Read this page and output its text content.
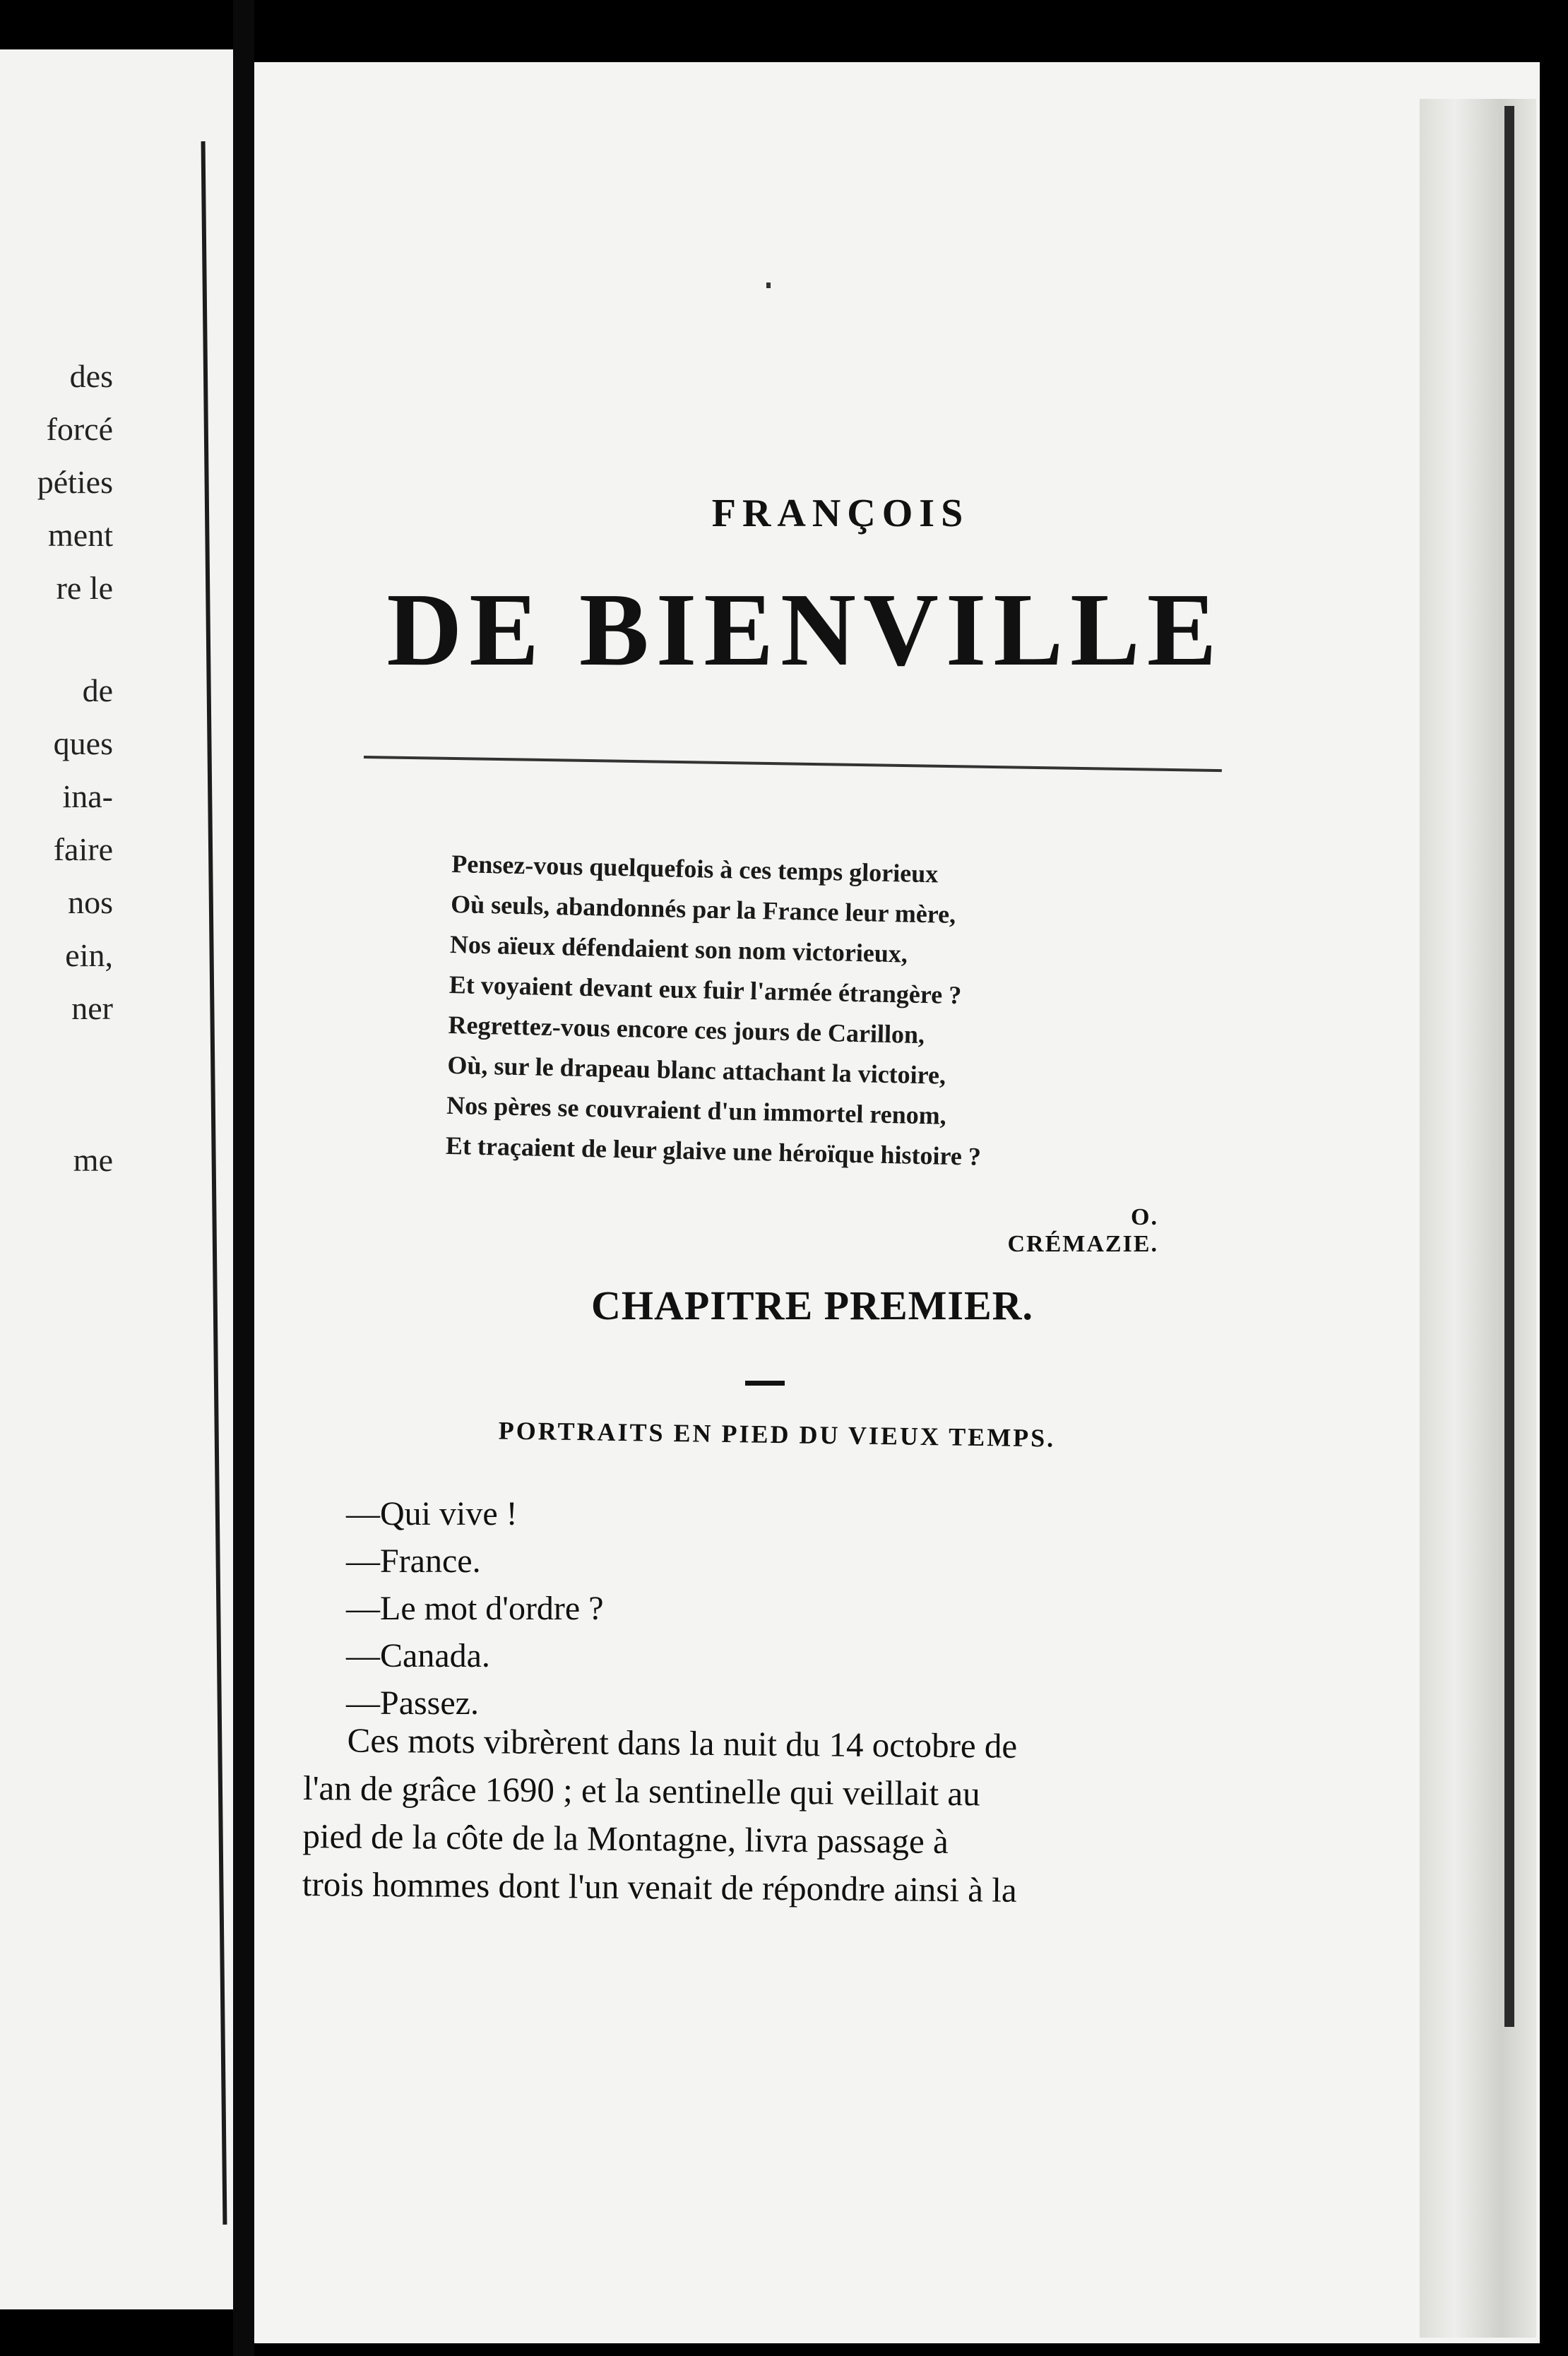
des
forcé
péties
ment
re le
de
ques
ina-
faire
nos
ein,
ner
me
FRANÇOIS
DE BIENVILLE
Pensez-vous quelquefois à ces temps glorieux
Où seuls, abandonnés par la France leur mère,
Nos aïeux défendaient son nom victorieux,
Et voyaient devant eux fuir l'armée étrangère ?
Regrettez-vous encore ces jours de Carillon,
Où, sur le drapeau blanc attachant la victoire,
Nos pères se couvraient d'un immortel renom,
Et traçaient de leur glaive une héroïque histoire ?
O. CRÉMAZIE.
CHAPITRE PREMIER.
PORTRAITS EN PIED DU VIEUX TEMPS.
—Qui vive !
—France.
—Le mot d'ordre ?
—Canada.
—Passez.
Ces mots vibrèrent dans la nuit du 14 octobre de
l'an de grâce 1690 ; et la sentinelle qui veillait au
pied de la côte de la Montagne, livra passage à
trois hommes dont l'un venait de répondre ainsi à la
